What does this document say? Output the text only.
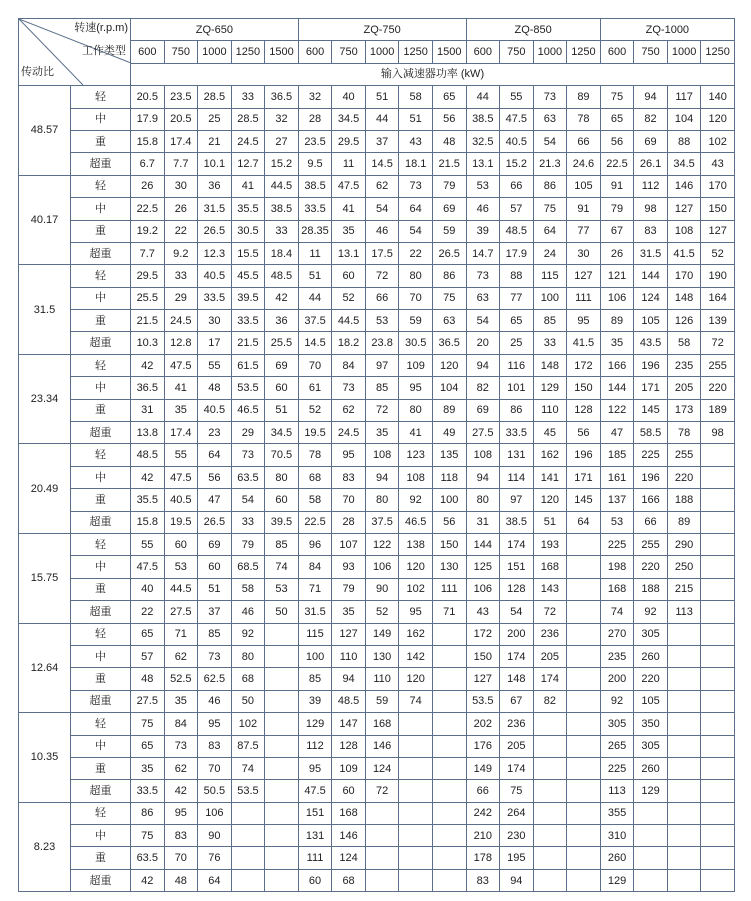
转速(r.p.m)
工作类型
传动比		ZQ-650					ZQ-750					ZQ-850				ZQ-1000			
		600	750	1000	1250	1500	600	750	1000	1250	1500	600	750	1000	1250	600	750	1000	1250
		输入减速器功率 (kW)																	
48.57	轻	20.5	23.5	28.5	33	36.5	32	40	51	58	65	44	55	73	89	75	94	117	140
	中	17.9	20.5	25	28.5	32	28	34.5	44	51	56	38.5	47.5	63	78	65	82	104	120
	重	15.8	17.4	21	24.5	27	23.5	29.5	37	43	48	32.5	40.5	54	66	56	69	88	102
	超重	6.7	7.7	10.1	12.7	15.2	9.5	11	14.5	18.1	21.5	13.1	15.2	21.3	24.6	22.5	26.1	34.5	43
40.17	轻	26	30	36	41	44.5	38.5	47.5	62	73	79	53	66	86	105	91	112	146	170
	中	22.5	26	31.5	35.5	38.5	33.5	41	54	64	69	46	57	75	91	79	98	127	150
	重	19.2	22	26.5	30.5	33	28.35	35	46	54	59	39	48.5	64	77	67	83	108	127
	超重	7.7	9.2	12.3	15.5	18.4	11	13.1	17.5	22	26.5	14.7	17.9	24	30	26	31.5	41.5	52
31.5	轻	29.5	33	40.5	45.5	48.5	51	60	72	80	86	73	88	115	127	121	144	170	190
	中	25.5	29	33.5	39.5	42	44	52	66	70	75	63	77	100	111	106	124	148	164
	重	21.5	24.5	30	33.5	36	37.5	44.5	53	59	63	54	65	85	95	89	105	126	139
	超重	10.3	12.8	17	21.5	25.5	14.5	18.2	23.8	30.5	36.5	20	25	33	41.5	35	43.5	58	72
23.34	轻	42	47.5	55	61.5	69	70	84	97	109	120	94	116	148	172	166	196	235	255
	中	36.5	41	48	53.5	60	61	73	85	95	104	82	101	129	150	144	171	205	220
	重	31	35	40.5	46.5	51	52	62	72	80	89	69	86	110	128	122	145	173	189
	超重	13.8	17.4	23	29	34.5	19.5	24.5	35	41	49	27.5	33.5	45	56	47	58.5	78	98
20.49	轻	48.5	55	64	73	70.5	78	95	108	123	135	108	131	162	196	185	225	255	
	中	42	47.5	56	63.5	80	68	83	94	108	118	94	114	141	171	161	196	220	
	重	35.5	40.5	47	54	60	58	70	80	92	100	80	97	120	145	137	166	188	
	超重	15.8	19.5	26.5	33	39.5	22.5	28	37.5	46.5	56	31	38.5	51	64	53	66	89	
15.75	轻	55	60	69	79	85	96	107	122	138	150	144	174	193		225	255	290	
	中	47.5	53	60	68.5	74	84	93	106	120	130	125	151	168		198	220	250	
	重	40	44.5	51	58	53	71	79	90	102	111	106	128	143		168	188	215	
	超重	22	27.5	37	46	50	31.5	35	52	95	71	43	54	72		74	92	113	
12.64	轻	65	71	85	92		115	127	149	162		172	200	236		270	305		
	中	57	62	73	80		100	110	130	142		150	174	205		235	260		
	重	48	52.5	62.5	68		85	94	110	120		127	148	174		200	220		
	超重	27.5	35	46	50		39	48.5	59	74		53.5	67	82		92	105		
10.35	轻	75	84	95	102		129	147	168			202	236			305	350		
	中	65	73	83	87.5		112	128	146			176	205			265	305		
	重	35	62	70	74		95	109	124			149	174			225	260		
	超重	33.5	42	50.5	53.5		47.5	60	72			66	75			113	129		
8.23	轻	86	95	106			151	168				242	264			355			
	中	75	83	90			131	146				210	230			310			
	重	63.5	70	76			111	124				178	195			260			
	超重	42	48	64			60	68				83	94			129			
